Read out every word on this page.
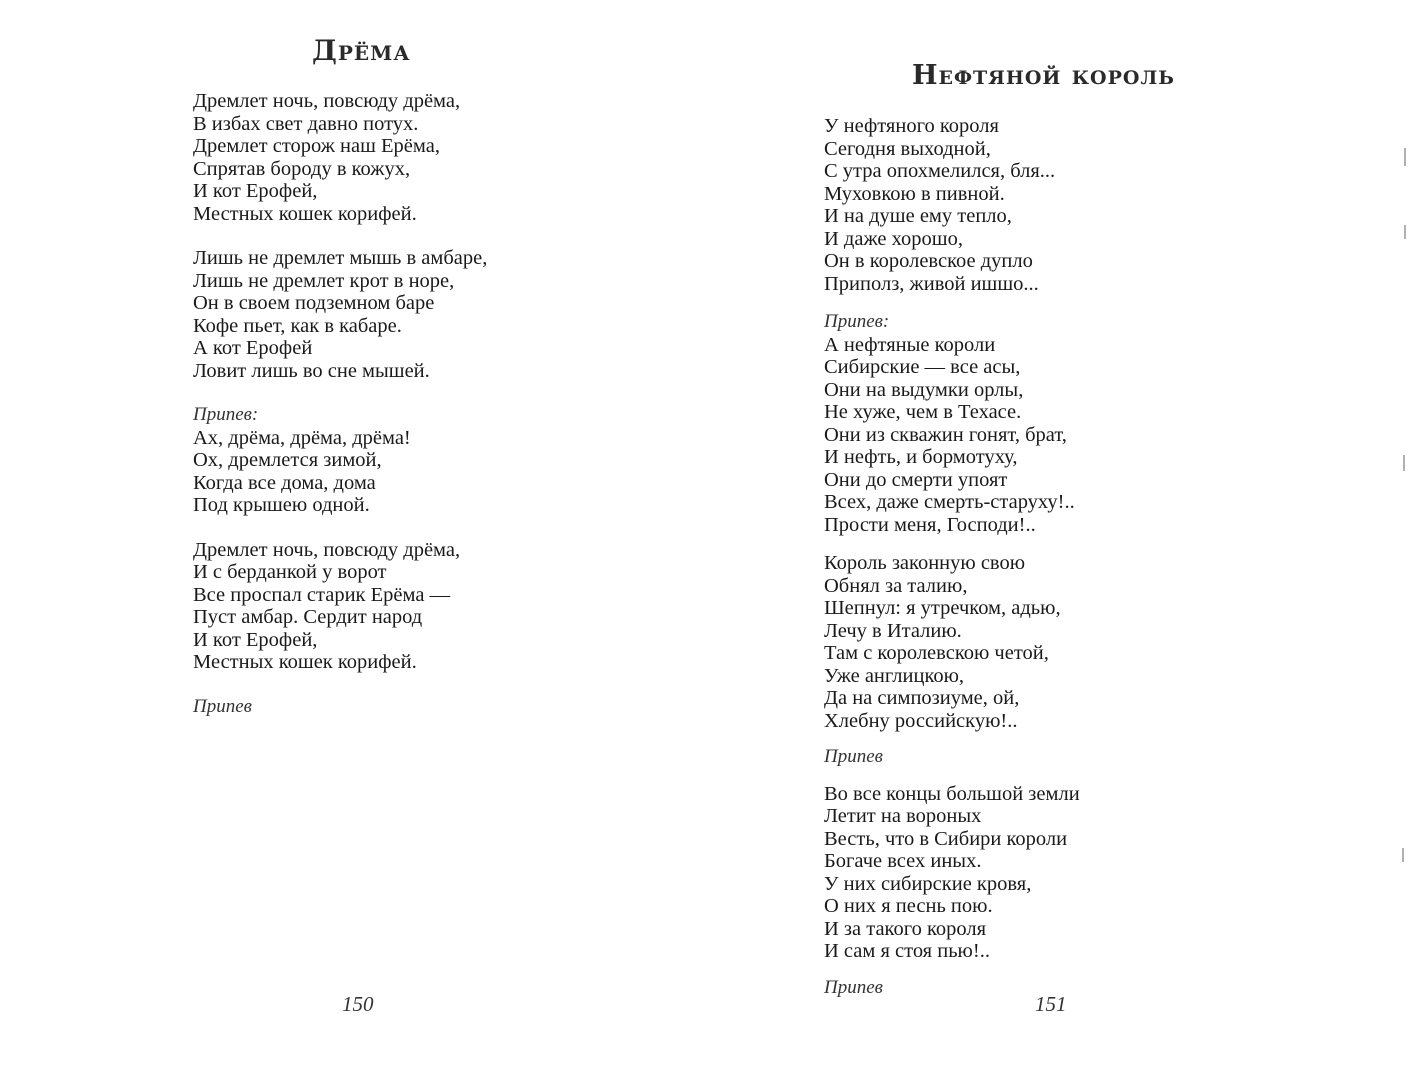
Дрёма
Дремлет ночь, повсюду дрёма,
В избах свет давно потух.
Дремлет сторож наш Ерёма,
Спрятав бороду в кожух,
И кот Ерофей,
Местных кошек корифей.
Лишь не дремлет мышь в амбаре,
Лишь не дремлет крот в норе,
Он в своем подземном баре
Кофе пьет, как в кабаре.
А кот Ерофей
Ловит лишь во сне мышей.
Припев:
Ах, дрёма, дрёма, дрёма!
Ох, дремлется зимой,
Когда все дома, дома
Под крышею одной.
Дремлет ночь, повсюду дрёма,
И с берданкой у ворот
Все проспал старик Ерёма —
Пуст амбар. Сердит народ
И кот Ерофей,
Местных кошек корифей.
Припев
150
Нефтяной король
У нефтяного короля
Сегодня выходной,
С утра опохмелился, бля...
Муховкою в пивной.
И на душе ему тепло,
И даже хорошо,
Он в королевское дупло
Приполз, живой ишшо...
Припев:
А нефтяные короли
Сибирские — все асы,
Они на выдумки орлы,
Не хуже, чем в Техасе.
Они из скважин гонят, брат,
И нефть, и бормотуху,
Они до смерти упоят
Всех, даже смерть-старуху!..
Прости меня, Господи!..
Король законную свою
Обнял за талию,
Шепнул: я утречком, адью,
Лечу в Италию.
Там с королевскою четой,
Уже англицкою,
Да на симпозиуме, ой,
Хлебну российскую!..
Припев
Во все концы большой земли
Летит на вороных
Весть, что в Сибири короли
Богаче всех иных.
У них сибирские кровя,
О них я песнь пою.
И за такого короля
И сам я стоя пью!..
Припев
151
